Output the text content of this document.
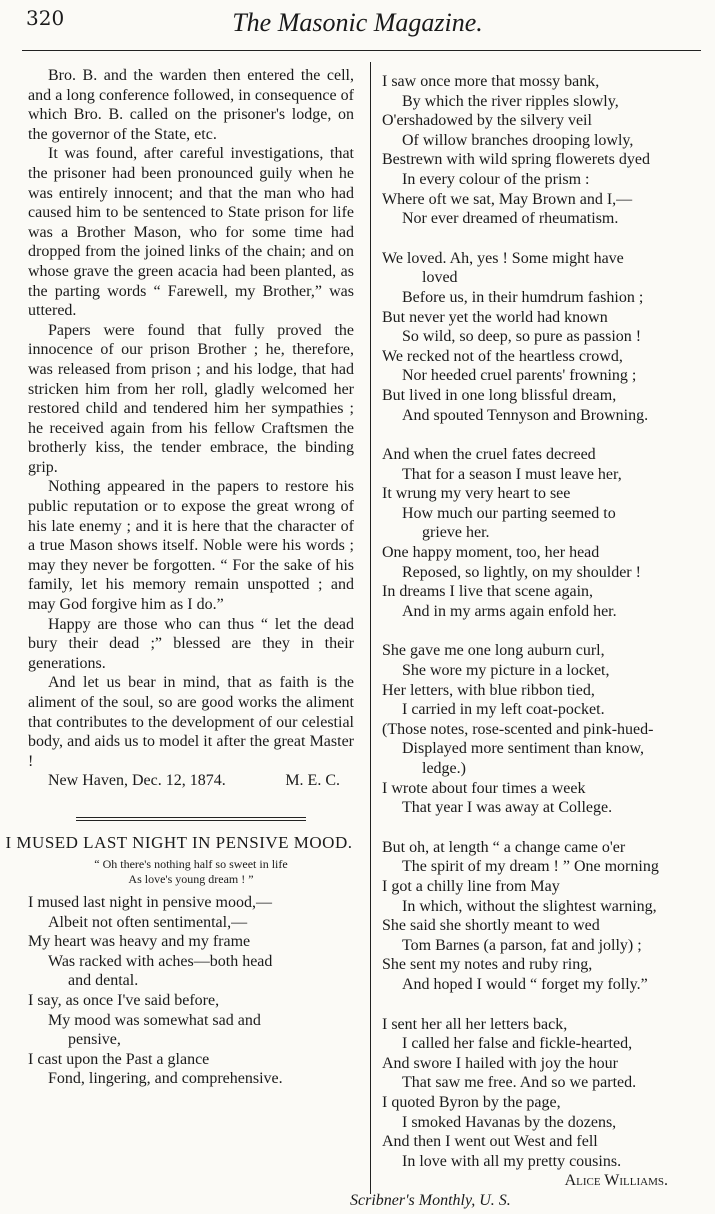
320	The Masonic Magazine.

Bro. B. and the warden then entered the cell, and a long conference followed, in consequence of which Bro. B. called on the prisoner's lodge, on the governor of the State, etc.

It was found, after careful investigations, that the prisoner had been pronounced guily when he was entirely innocent; and that the man who had caused him to be sentenced to State prison for life was a Brother Mason, who for some time had dropped from the joined links of the chain; and on whose grave the green acacia had been planted, as the parting words “ Farewell, my Brother,” was uttered.

Papers were found that fully proved the innocence of our prison Brother ; he, therefore, was released from prison ; and his lodge, that had stricken him from her roll, gladly welcomed her restored child and tendered him her sympathies ; he received again from his fellow Craftsmen the brotherly kiss, the tender embrace, the binding grip.

Nothing appeared in the papers to restore his public reputation or to expose the great wrong of his late enemy ; and it is here that the character of a true Mason shows itself. Noble were his words ; may they never be forgotten. “ For the sake of his family, let his memory remain unspotted ; and may God forgive him as I do.”

Happy are those who can thus “ let the dead bury their dead ;” blessed are they in their generations.

And let us bear in mind, that as faith is the aliment of the soul, so are good works the aliment that contributes to the development of our celestial body, and aids us to model it after the great Master !

New Haven, Dec. 12, 1874.	M. E. C.
I MUSED LAST NIGHT IN PENSIVE MOOD.
“ Oh there's nothing half so sweet in life
As love's young dream ! ”
I mused last night in pensive mood,—
Albeit not often sentimental,—
My heart was heavy and my frame
Was racked with aches—both head
and dental.
I say, as once I've said before,
My mood was somewhat sad and
pensive,
I cast upon the Past a glance
Fond, lingering, and comprehensive.
I saw once more that mossy bank,
By which the river ripples slowly,
O'ershadowed by the silvery veil
Of willow branches drooping lowly,
Bestrewn with wild spring flowerets dyed
In every colour of the prism :
Where oft we sat, May Brown and I,—
Nor ever dreamed of rheumatism.
We loved. Ah, yes ! Some might have
loved
Before us, in their humdrum fashion ;
But never yet the world had known
So wild, so deep, so pure as passion !
We recked not of the heartless crowd,
Nor heeded cruel parents' frowning ;
But lived in one long blissful dream,
And spouted Tennyson and Browning.
And when the cruel fates decreed
That for a season I must leave her,
It wrung my very heart to see
How much our parting seemed to
grieve her.
One happy moment, too, her head
Reposed, so lightly, on my shoulder !
In dreams I live that scene again,
And in my arms again enfold her.
She gave me one long auburn curl,
She wore my picture in a locket,
Her letters, with blue ribbon tied,
I carried in my left coat-pocket.
(Those notes, rose-scented and pink-hued-
Displayed more sentiment than know,
ledge.)
I wrote about four times a week
That year I was away at College.
But oh, at length “ a change came o'er
The spirit of my dream ! ” One morning
I got a chilly line from May
In which, without the slightest warning,
She said she shortly meant to wed
Tom Barnes (a parson, fat and jolly) ;
She sent my notes and ruby ring,
And hoped I would “ forget my folly.”
I sent her all her letters back,
I called her false and fickle-hearted,
And swore I hailed with joy the hour
That saw me free. And so we parted.
I quoted Byron by the page,
I smoked Havanas by the dozens,
And then I went out West and fell
In love with all my pretty cousins.
Alice Williams.
Scribner's Monthly, U. S.
